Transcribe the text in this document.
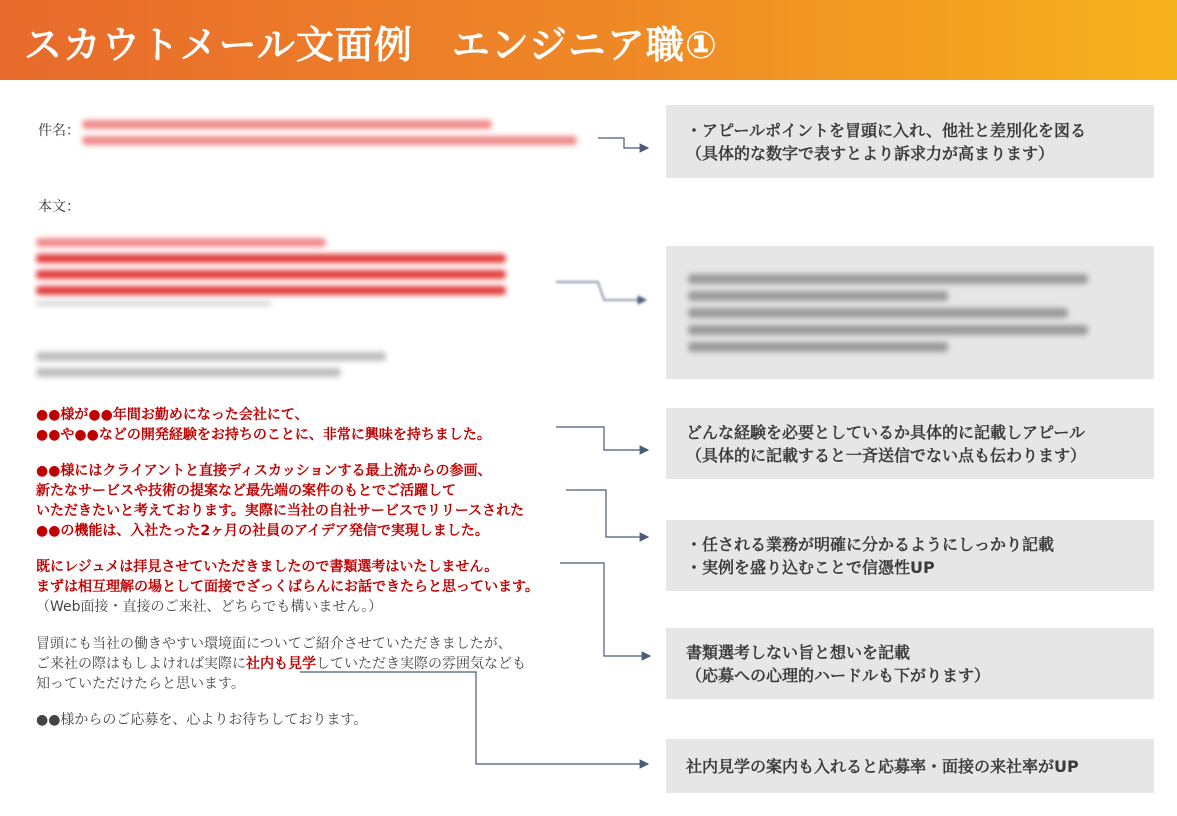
スカウトメール文面例　エンジニア職①
件名：
本文：

●●様が●●年間お勤めになった会社にて、

●●や●●などの開発経験をお持ちのことに、非常に興味を持ちました。

●●様にはクライアントと直接ディスカッションする最上流からの参画、

新たなサービスや技術の提案など最先端の案件のもとでご活躍して

いただきたいと考えております。実際に当社の自社サービスでリリースされた

●●の機能は、入社たった2ヶ月の社員のアイデア発信で実現しました。

既にレジュメは拝見させていただきましたので書類選考はいたしません。

まずは相互理解の場として面接でざっくばらんにお話できたらと思っています。

（Web面接・直接のご来社、どちらでも構いません。）

冒頭にも当社の働きやすい環境面についてご紹介させていただきましたが、

ご来社の際はもしよければ実際に社内も見学していただき実際の雰囲気なども

知っていただけたらと思います。

●●様からのご応募を、心よりお待ちしております。

・アピールポイントを冒頭に入れ、他社と差別化を図る

（具体的な数字で表すとより訴求力が高まります）

どんな経験を必要としているか具体的に記載しアピール

（具体的に記載すると一斉送信でない点も伝わります）

・任される業務が明確に分かるようにしっかり記載

・実例を盛り込むことで信憑性UP

書類選考しない旨と想いを記載

（応募への心理的ハードルも下がります）

社内見学の案内も入れると応募率・面接の来社率がUP
